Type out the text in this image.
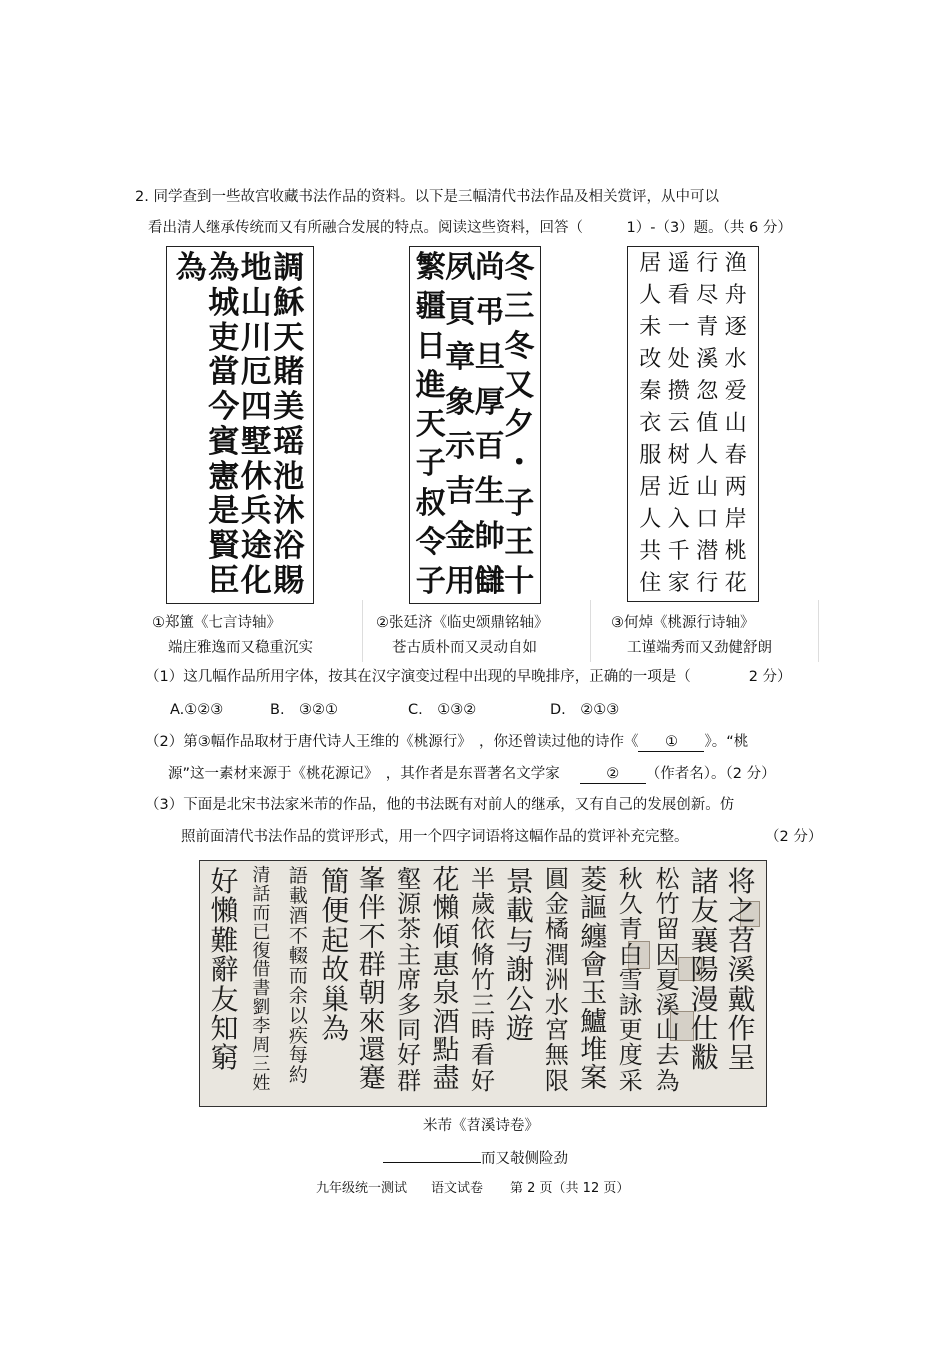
2. 同学查到一些故宫收藏书法作品的资料。以下是三幅清代书法作品及相关赏评，从中可以
看出清人继承传统而又有所融合发展的特点。阅读这些资料，回答（　　　1）-（3）题。（共 6 分）
調
穌
天
賭
美
瑶
池
沐
浴
賜
地
山
川
厄
四
墅
休
兵
途
化
為
城
吏
當
今
賓
憲
是
賢
臣
為	冬
三
冬
又
夕
・
子
王
十
尚
弔
旦
厚
百
生
帥
讎
夙
頁
章
象
示
吉
金
用
繁
疆
日
進
天
子
叔
令
子
渔
舟
逐
水
爱
山
春
两
岸
桃
花
行
尽
青
溪
忽
值
人
山
口
潜
行
遥
看
一
处
攒
云
树
近
入
千
家
居
人
未
改
秦
衣
服
居
人
共
住
①郑簠《七言诗轴》
端庄雅逸而又稳重沉实
②张廷济《临史颂鼎铭轴》
苍古质朴而又灵动自如
③何焯《桃源行诗轴》
工谨端秀而又劲健舒朗
（1）这几幅作品所用字体，按其在汉字演变过程中出现的早晚排序，正确的一项是（　　　　2 分）
A.①②③	B.　③②①	C.　①③②	D.　②①③
（2）第③幅作品取材于唐代诗人王维的《桃源行》　，你还曾读过他的诗作《 ① 》。“桃
源”这一素材来源于《桃花源记》　，其作者是东晋著名文学家	② （作者名）。（2 分）
（3）下面是北宋书法家米芾的作品，他的书法既有对前人的继承，又有自己的发展创新。仿
照前面清代书法作品的赏评形式，用一个四字词语将这幅作品的赏评补充完整。	（2 分）
将
之
苕
溪
戴
作
呈
諸
友
襄
陽
漫
仕
黻
松
竹
留
因
夏
溪
山
去
為
秋
久
青
白
雪
詠
更
度
采
菱
謳
纏
會
玉
鱸
堆
案
圓
金
橘
潤
洲
水
宮
無
限
景
載
与
謝
公
遊
半
歲
依
脩
竹
三
時
看
好
花
懶
傾
惠
泉
酒
點
盡
壑
源
茶
主
席
多
同
好
群
峯
伴
不
群
朝
來
還
蹇
簡
便
起
故
巢
為
語
載
酒
不
輟
而
余
以
疾
每
約
清
話
而
已
復
借
書
劉
李
周
三
姓
好
懶
難
辭
友
知
窮
米芾《苕溪诗卷》
而又攲侧险劲
九年级统一测试 语文试卷 第 2 页（共 12 页）
